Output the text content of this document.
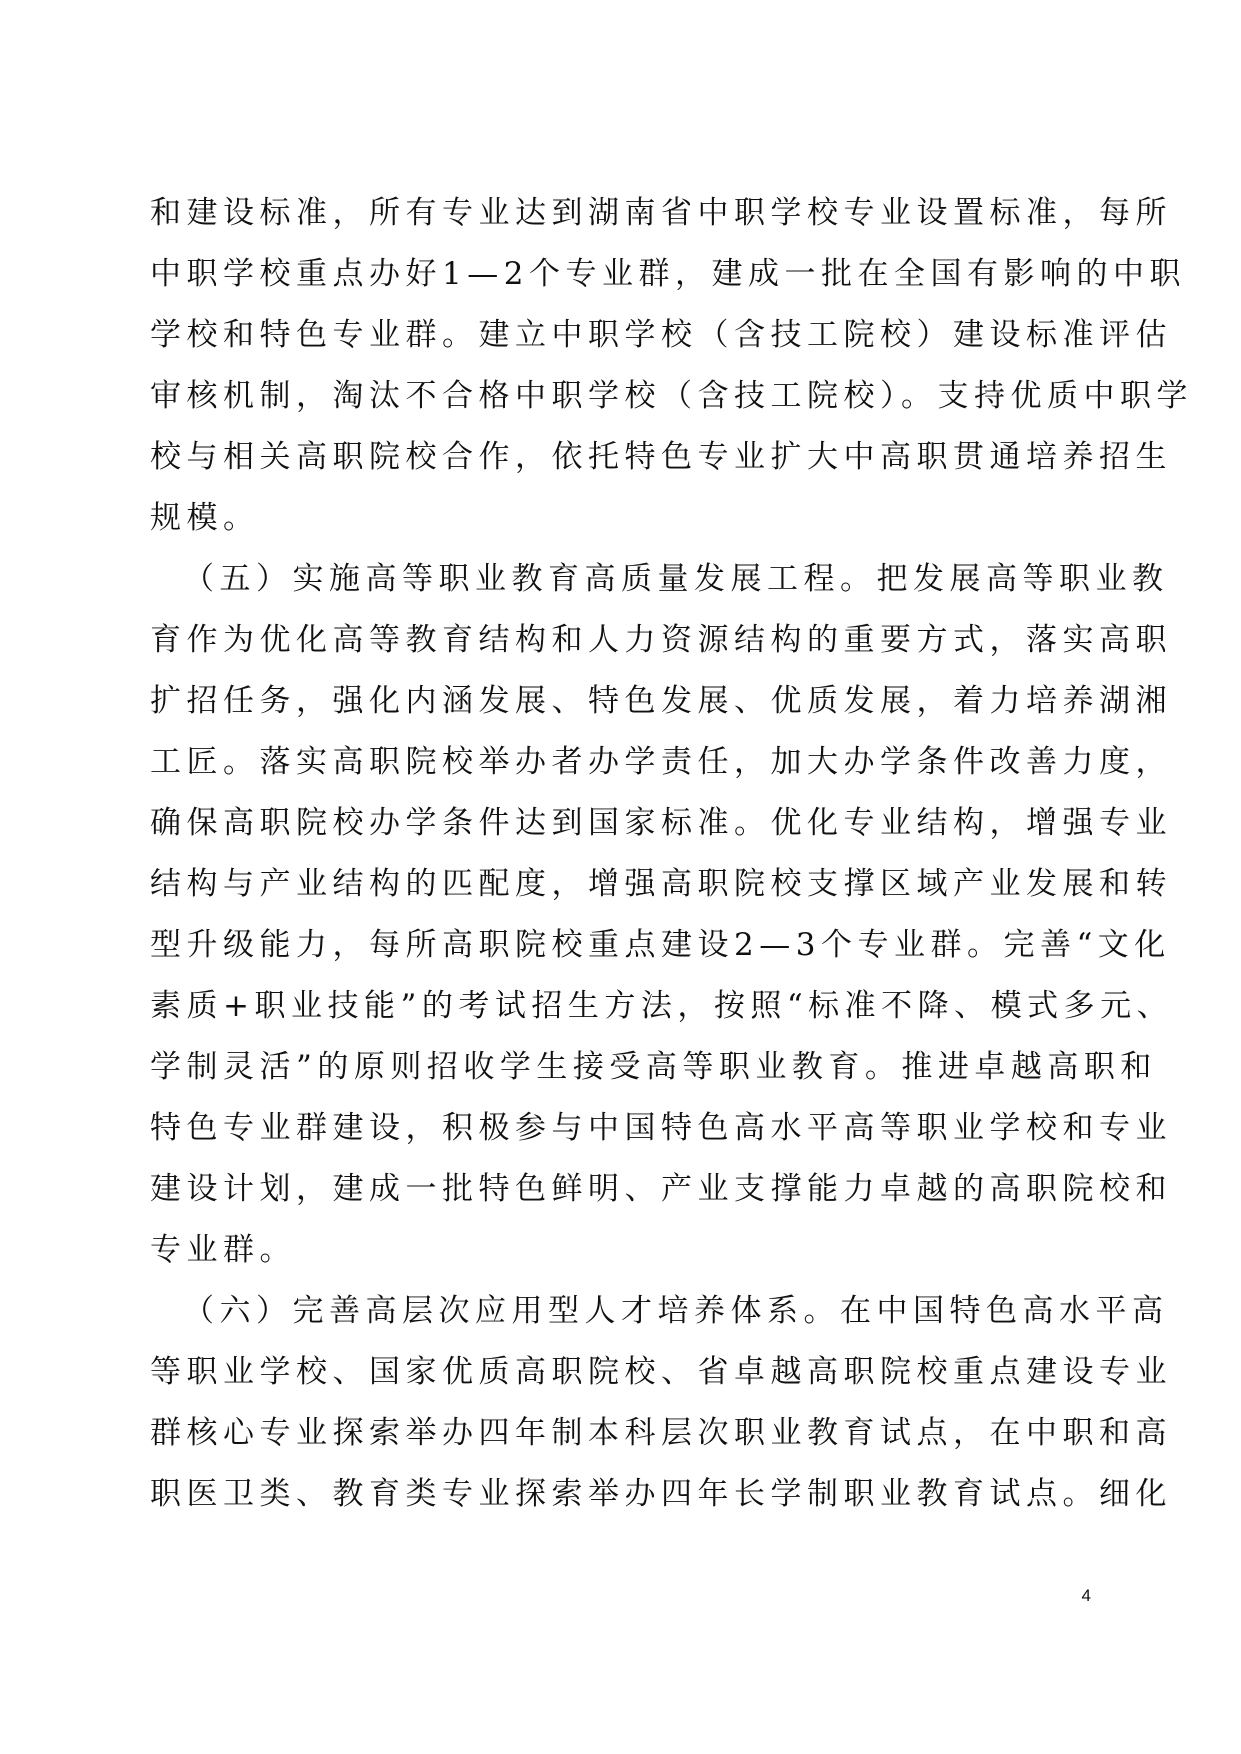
和建设标准，所有专业达到湖南省中职学校专业设置标准，每所
中职学校重点办好1—2个专业群，建成一批在全国有影响的中职
学校和特色专业群。建立中职学校（含技工院校）建设标准评估
审核机制，淘汰不合格中职学校（含技工院校）。支持优质中职学
校与相关高职院校合作，依托特色专业扩大中高职贯通培养招生
规模。
（五）实施高等职业教育高质量发展工程。把发展高等职业教
育作为优化高等教育结构和人力资源结构的重要方式，落实高职
扩招任务，强化内涵发展、特色发展、优质发展，着力培养湖湘
工匠。落实高职院校举办者办学责任，加大办学条件改善力度，
确保高职院校办学条件达到国家标准。优化专业结构，增强专业
结构与产业结构的匹配度，增强高职院校支撑区域产业发展和转
型升级能力，每所高职院校重点建设2—3个专业群。完善“文化
素质+职业技能”的考试招生方法，按照“标准不降、模式多元、
学制灵活”的原则招收学生接受高等职业教育。推进卓越高职和
特色专业群建设，积极参与中国特色高水平高等职业学校和专业
建设计划，建成一批特色鲜明、产业支撑能力卓越的高职院校和
专业群。
（六）完善高层次应用型人才培养体系。在中国特色高水平高
等职业学校、国家优质高职院校、省卓越高职院校重点建设专业
群核心专业探索举办四年制本科层次职业教育试点，在中职和高
职医卫类、教育类专业探索举办四年长学制职业教育试点。细化
4
